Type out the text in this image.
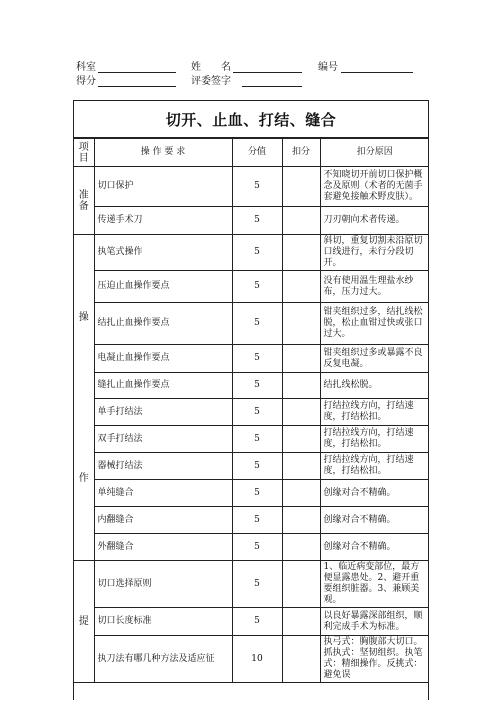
科室	姓　　名	编号
得分	评委签字
切开、止血、打结、缝合
项目	操 作 要 求	分值	扣分	扣分原因

准备	切口保护	5		不知晓切开前切口保护概念及原则（术者的无菌手套避免接触术野皮肤）。
	传递手术刀	5		刀刃朝向术者传递。

操
作	执笔式操作	5		斜切，重复切割未沿原切口线进行，未行分段切开。
	压迫止血操作要点	5		没有使用温生理盐水纱布，压力过大。
	结扎止血操作要点	5		钳夹组织过多，结扎线松脱，松止血钳过快或张口过大。
	电凝止血操作要点	5		钳夹组织过多或暴露不良反复电凝。
	缝扎止血操作要点	5		结扎线松脱。
	单手打结法	5		打结拉线方向，打结速度，打结松扣。
	双手打结法	5		打结拉线方向，打结速度，打结松扣。
	器械打结法	5		打结拉线方向，打结速度，打结松扣。
	单纯缝合	5		创缘对合不精确。
	内翻缝合	5		创缘对合不精确。
	外翻缝合	5		创缘对合不精确。

提	切口选择原则	5		1、临近病变部位，最方便显露患处。2、避开重要组织脏器。3、兼顾美观。
	切口长度标准	5		以良好暴露深部组织，顺利完成手术为标准。
	执刀法有哪几种方法及适应征	10		执弓式：胸腹部大切口。抓执式：坚韧组织。执笔式：精细操作。反挑式：避免误
